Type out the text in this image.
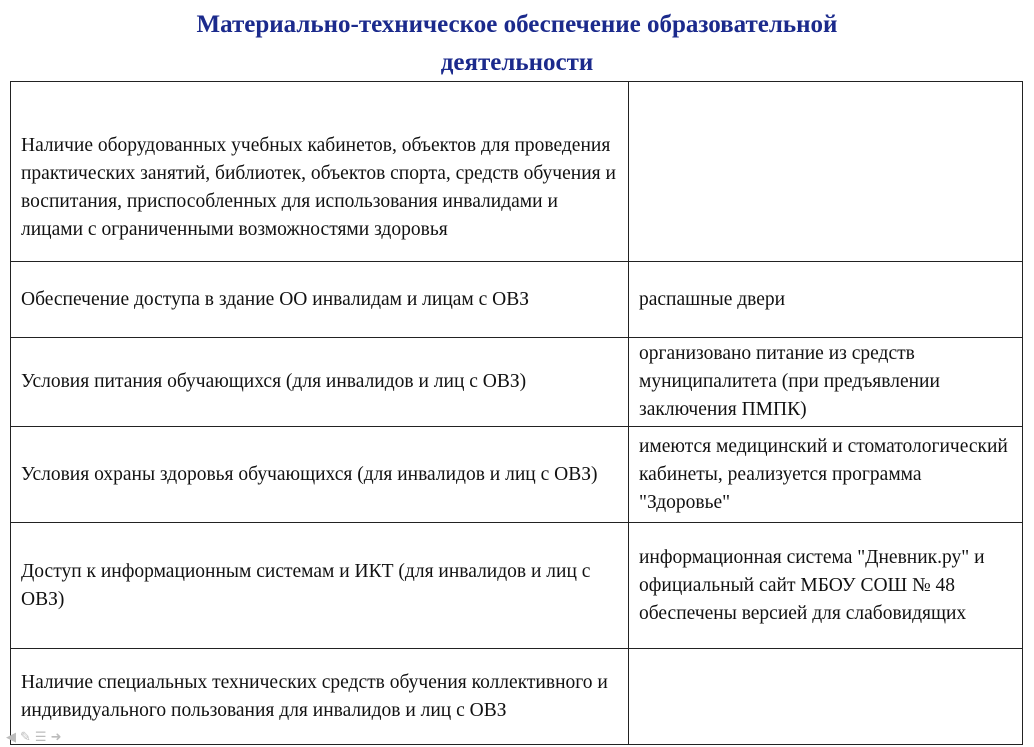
Материально-техническое обеспечение образовательной
деятельности
Наличие оборудованных учебных кабинетов, объектов для проведения практических занятий, библиотек, объектов спорта, средств обучения и воспитания, приспособленных для использования инвалидами и лицами с ограниченными возможностями здоровья	
Обеспечение доступа в здание ОО инвалидам и лицам с ОВЗ	распашные двери
Условия питания обучающихся (для инвалидов и лиц с ОВЗ)	организовано питание из средств муниципалитета (при предъявлении заключения ПМПК)
Условия охраны здоровья обучающихся (для инвалидов и лиц с ОВЗ)	имеются медицинский и стоматологический кабинеты, реализуется программа "Здоровье"
Доступ к информационным системам и ИКТ (для инвалидов и лиц с ОВЗ)	информационная система "Дневник.ру" и официальный сайт МБОУ СОШ № 48 обеспечены версией для слабовидящих
Наличие специальных технических средств обучения коллективного и индивидуального пользования для инвалидов и лиц с ОВЗ	
◀✎☰➜
